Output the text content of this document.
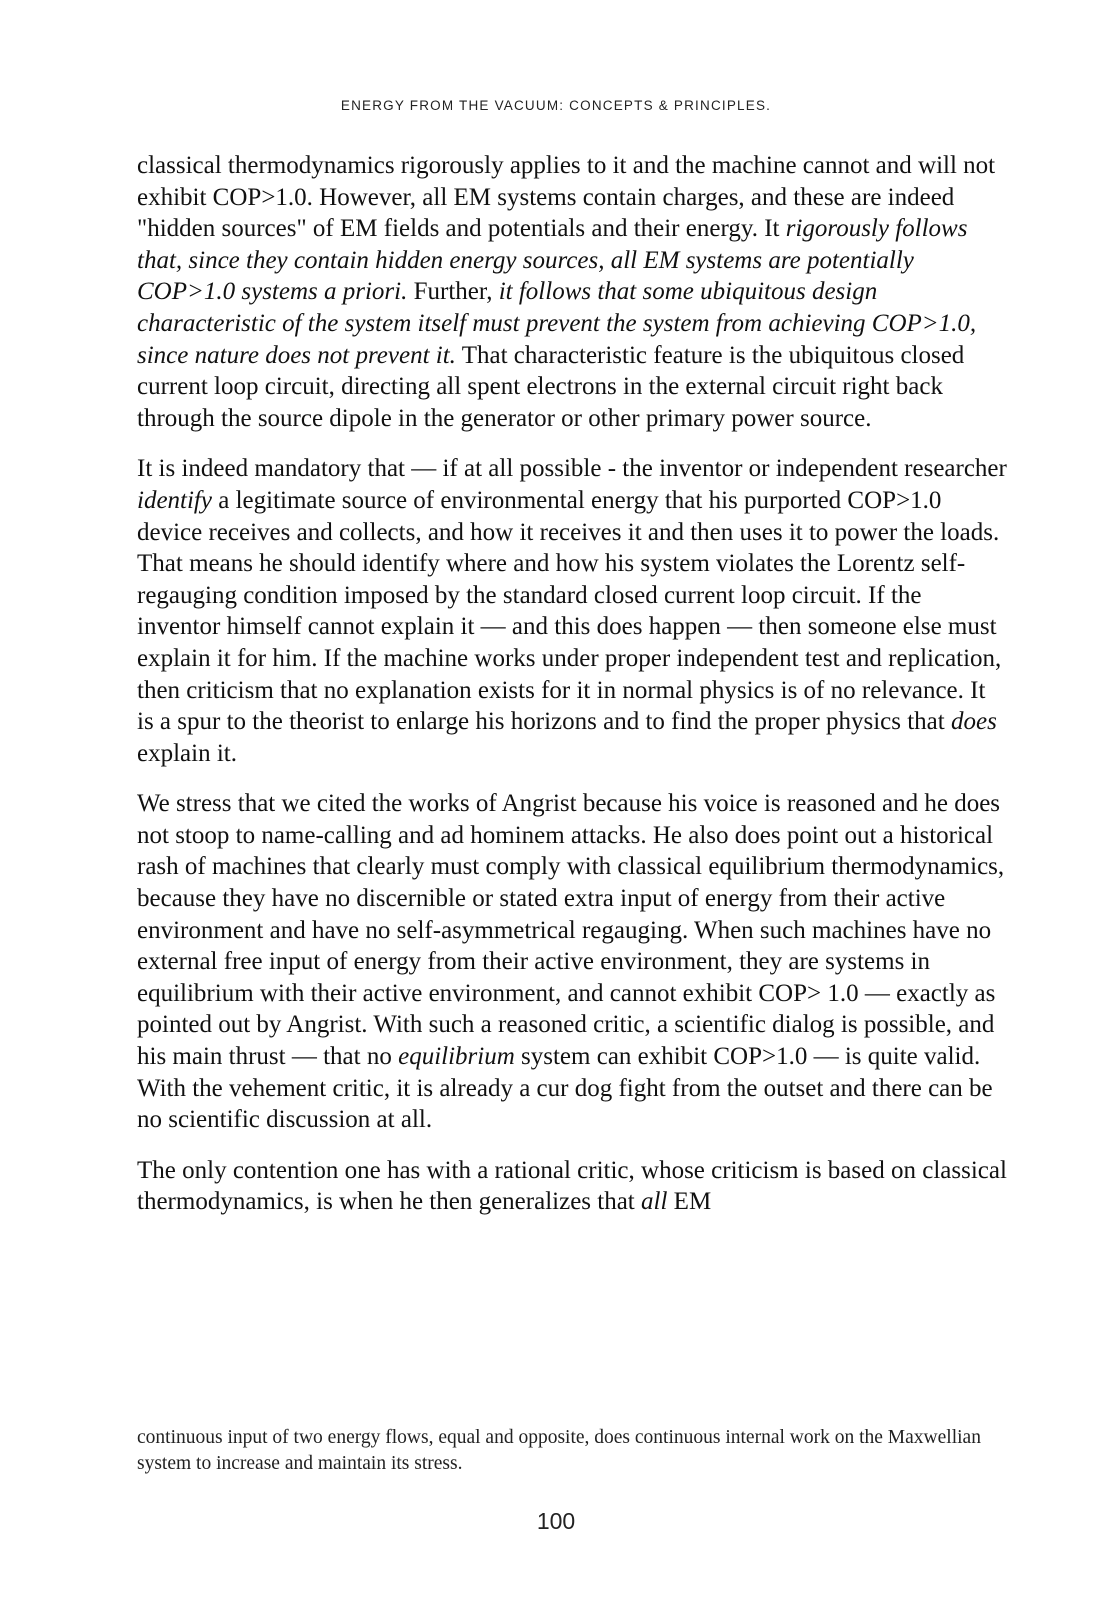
ENERGY FROM THE VACUUM: CONCEPTS & PRINCIPLES.

classical thermodynamics rigorously applies to it and the machine cannot and will not exhibit COP>1.0. However, all EM systems contain charges, and these are indeed "hidden sources" of EM fields and potentials and their energy. It rigorously follows that, since they contain hidden energy sources, all EM systems are potentially COP>1.0 systems a priori. Further, it follows that some ubiquitous design characteristic of the system itself must prevent the system from achieving COP>1.0, since nature does not prevent it. That characteristic feature is the ubiquitous closed current loop circuit, directing all spent electrons in the external circuit right back through the source dipole in the generator or other primary power source.

It is indeed mandatory that — if at all possible - the inventor or independent researcher identify a legitimate source of environmental energy that his purported COP>1.0 device receives and collects, and how it receives it and then uses it to power the loads. That means he should identify where and how his system violates the Lorentz self-regauging condition imposed by the standard closed current loop circuit. If the inventor himself cannot explain it — and this does happen — then someone else must explain it for him. If the machine works under proper independent test and replication, then criticism that no explanation exists for it in normal physics is of no relevance. It is a spur to the theorist to enlarge his horizons and to find the proper physics that does explain it.

We stress that we cited the works of Angrist because his voice is reasoned and he does not stoop to name-calling and ad hominem attacks. He also does point out a historical rash of machines that clearly must comply with classical equilibrium thermodynamics, because they have no discernible or stated extra input of energy from their active environment and have no self-asymmetrical regauging. When such machines have no external free input of energy from their active environment, they are systems in equilibrium with their active environment, and cannot exhibit COP> 1.0 — exactly as pointed out by Angrist. With such a reasoned critic, a scientific dialog is possible, and his main thrust — that no equilibrium system can exhibit COP>1.0 — is quite valid. With the vehement critic, it is already a cur dog fight from the outset and there can be no scientific discussion at all.

The only contention one has with a rational critic, whose criticism is based on classical thermodynamics, is when he then generalizes that all EM

continuous input of two energy flows, equal and opposite, does continuous internal work on the Maxwellian system to increase and maintain its stress.
100
